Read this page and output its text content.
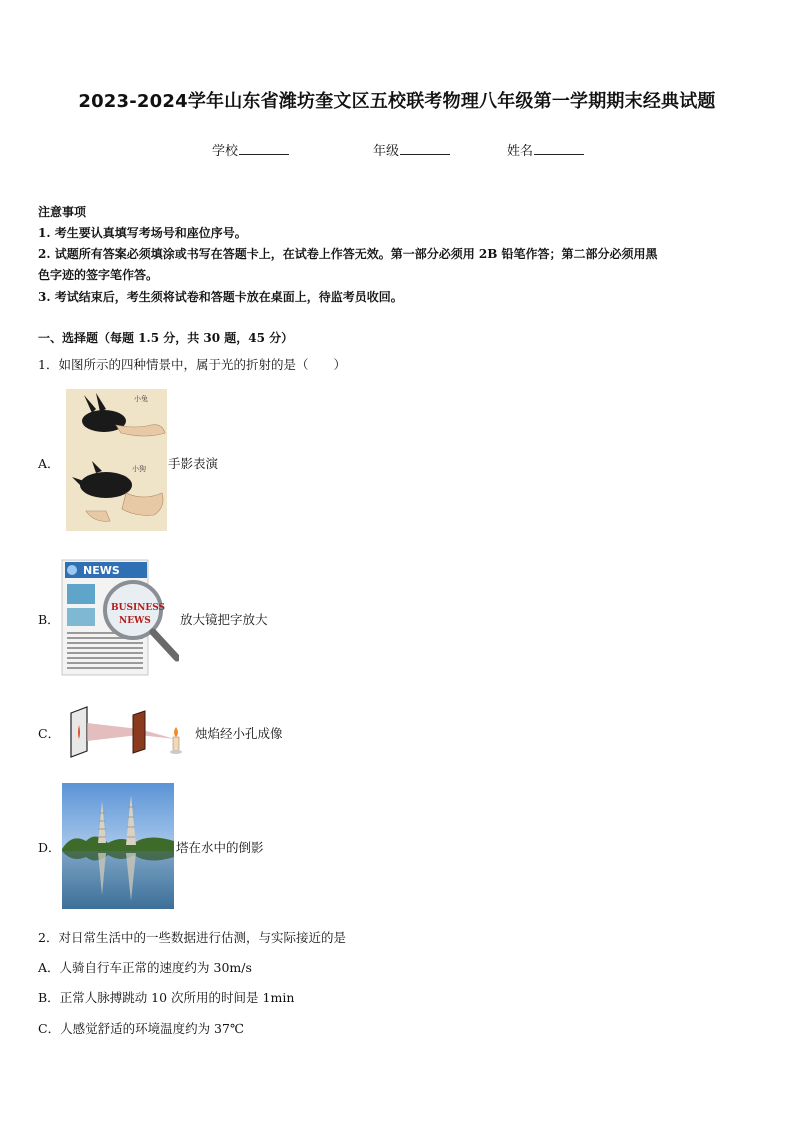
2023-2024学年山东省潍坊奎文区五校联考物理八年级第一学期期末经典试题
学校	年级	姓名
注意事项
1. 考生要认真填写考场号和座位序号。
2. 试题所有答案必须填涂或书写在答题卡上，在试卷上作答无效。第一部分必须用 2B 铅笔作答；第二部分必须用黑
色字迹的签字笔作答。
3. 考试结束后，考生须将试卷和答题卡放在桌面上，待监考员收回。
一、选择题（每题 1.5 分，共 30 题，45 分）
1．如图所示的四种情景中，属于光的折射的是（　　）
A．
小兔
小狗 手影表演
B．
NEWS
BUSINESS
NEWS 放大镜把字放大
C．	烛焰经小孔成像
D．	塔在水中的倒影
2．对日常生活中的一些数据进行估测，与实际接近的是
A．人骑自行车正常的速度约为 30m/s
B．正常人脉搏跳动 10 次所用的时间是 1min
C．人感觉舒适的环境温度约为 37℃
